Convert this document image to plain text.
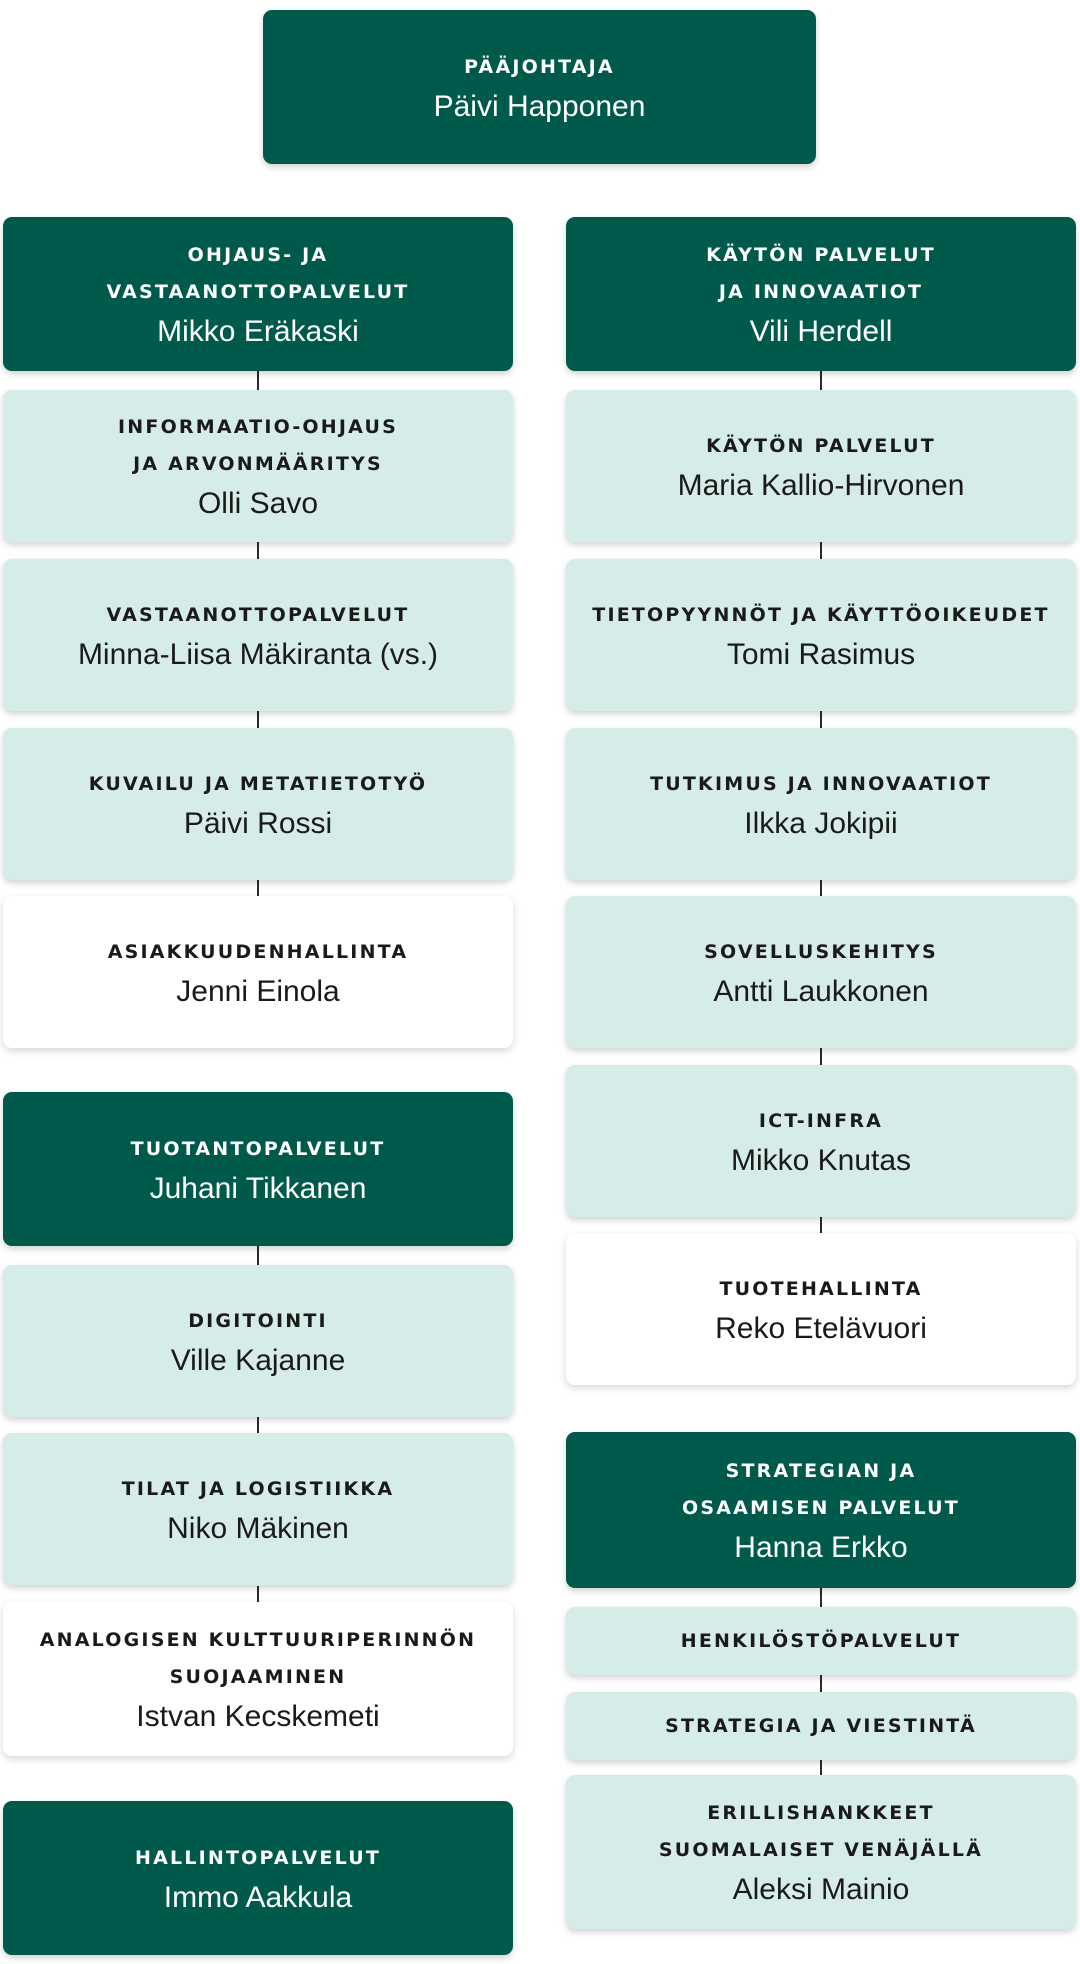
PÄÄJOHTAJA
Päivi Happonen
OHJAUS- JA
VASTAANOTTOPALVELUT
Mikko Eräkaski
INFORMAATIO-OHJAUS
JA ARVONMÄÄRITYS
Olli Savo
VASTAANOTTOPALVELUT
Minna-Liisa Mäkiranta (vs.)
KUVAILU JA METATIETOTYÖ
Päivi Rossi
ASIAKKUUDENHALLINTA
Jenni Einola
TUOTANTOPALVELUT
Juhani Tikkanen
DIGITOINTI
Ville Kajanne
TILAT JA LOGISTIIKKA
Niko Mäkinen
ANALOGISEN KULTTUURIPERINNÖN
SUOJAAMINEN
Istvan Kecskemeti
HALLINTOPALVELUT
Immo Aakkula
KÄYTÖN PALVELUT
JA INNOVAATIOT
Vili Herdell
KÄYTÖN PALVELUT
Maria Kallio-Hirvonen
TIETOPYYNNÖT JA KÄYTTÖOIKEUDET
Tomi Rasimus
TUTKIMUS JA INNOVAATIOT
Ilkka Jokipii
SOVELLUSKEHITYS
Antti Laukkonen
ICT-INFRA
Mikko Knutas
TUOTEHALLINTA
Reko Etelävuori
STRATEGIAN JA
OSAAMISEN PALVELUT
Hanna Erkko
HENKILÖSTÖPALVELUT
STRATEGIA JA VIESTINTÄ
ERILLISHANKKEET
SUOMALAISET VENÄJÄLLÄ
Aleksi Mainio
